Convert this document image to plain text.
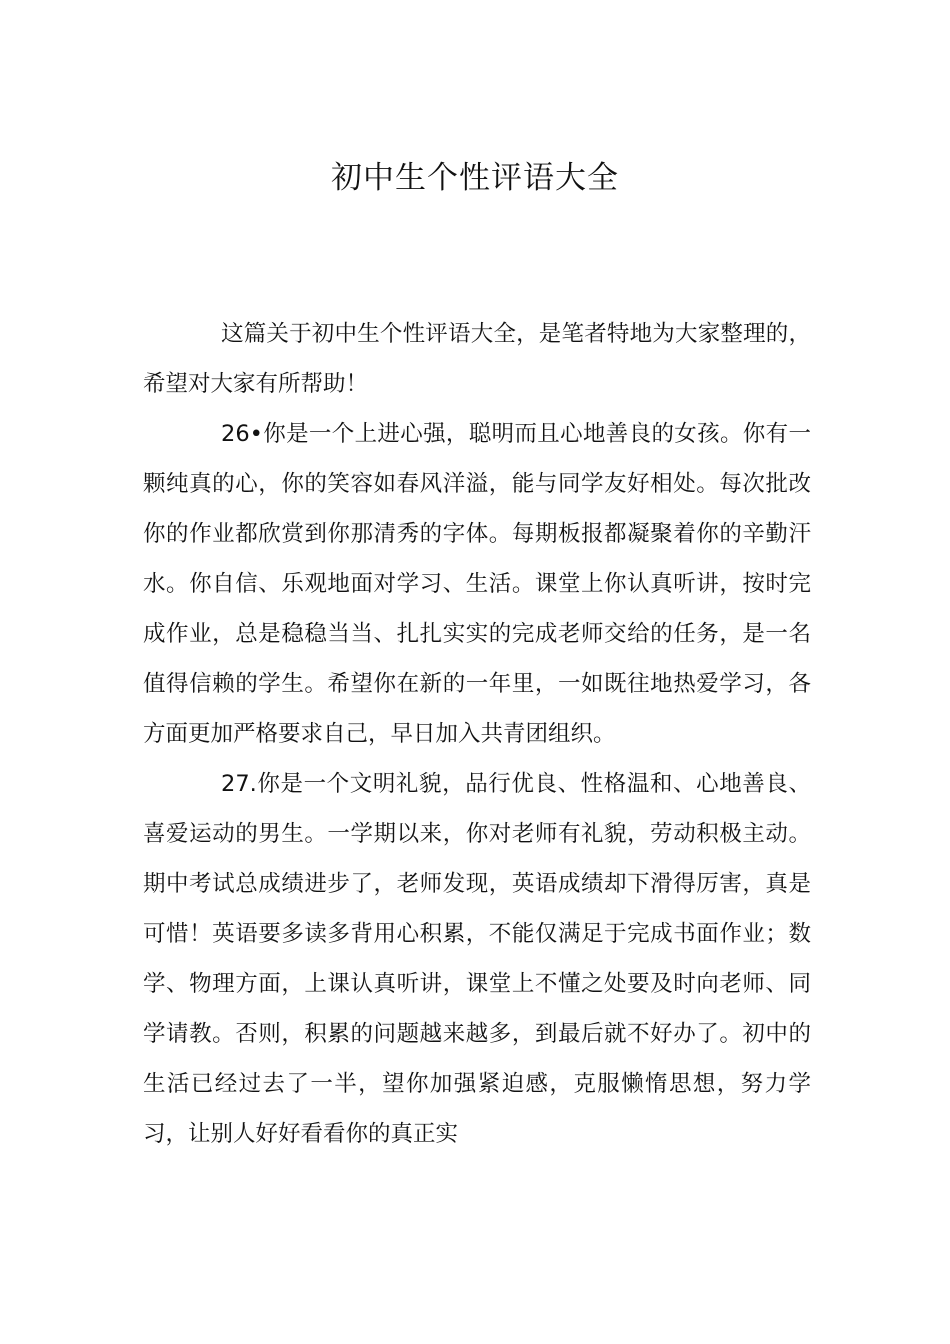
初中生个性评语大全

这篇关于初中生个性评语大全，是笔者特地为大家整理的，希望对大家有所帮助！

26•你是一个上进心强，聪明而且心地善良的女孩。你有一颗纯真的心，你的笑容如春风洋溢，能与同学友好相处。每次批改你的作业都欣赏到你那清秀的字体。每期板报都凝聚着你的辛勤汗水。你自信、乐观地面对学习、生活。课堂上你认真听讲，按时完成作业，总是稳稳当当、扎扎实实的完成老师交给的任务，是一名值得信赖的学生。希望你在新的一年里，一如既往地热爱学习，各方面更加严格要求自己，早日加入共青团组织。

27.你是一个文明礼貌，品行优良、性格温和、心地善良、喜爱运动的男生。一学期以来，你对老师有礼貌，劳动积极主动。期中考试总成绩进步了，老师发现，英语成绩却下滑得厉害，真是可惜！英语要多读多背用心积累，不能仅满足于完成书面作业；数学、物理方面，上课认真听讲，课堂上不懂之处要及时向老师、同学请教。否则，积累的问题越来越多，到最后就不好办了。初中的生活已经过去了一半，望你加强紧迫感，克服懒惰思想，努力学习，让别人好好看看你的真正实
